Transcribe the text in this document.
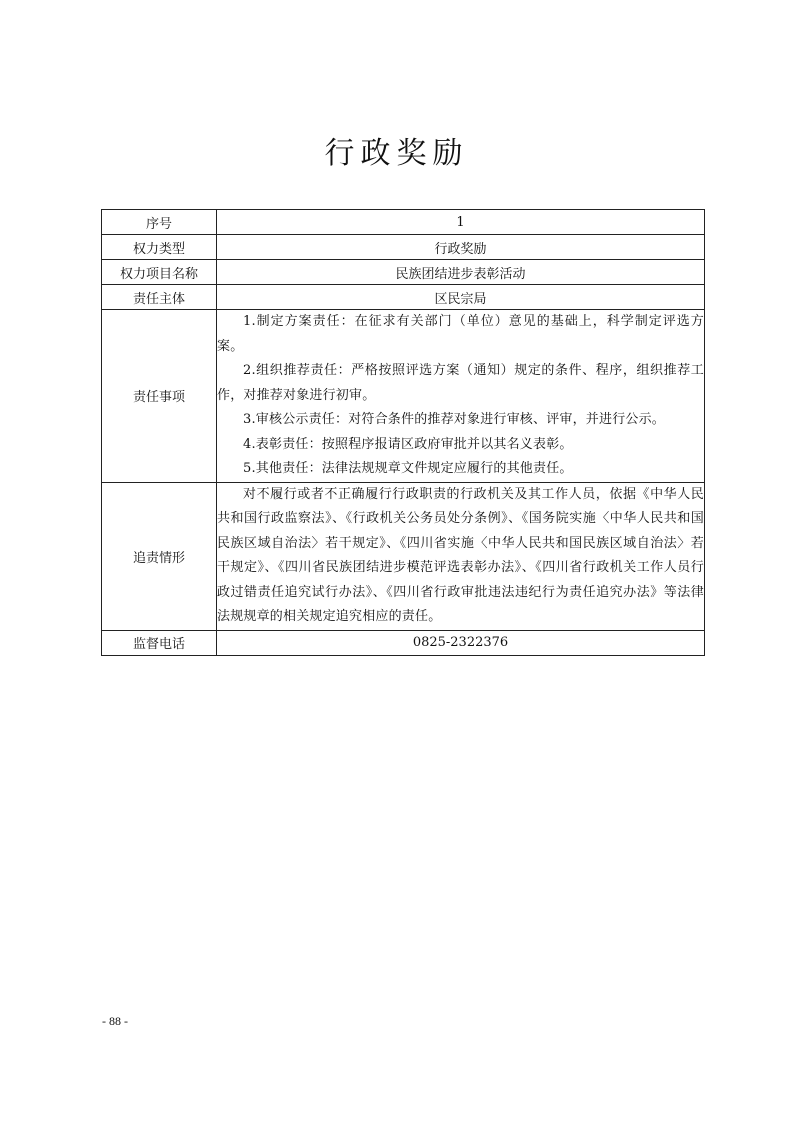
行政奖励
序号	1
权力类型	行政奖励
权力项目名称	民族团结进步表彰活动
责任主体	区民宗局
责任事项	1.制定方案责任：在征求有关部门（单位）意见的基础上，科学制定评选方案。

2.组织推荐责任：严格按照评选方案（通知）规定的条件、程序，组织推荐工作，对推荐对象进行初审。

3.审核公示责任：对符合条件的推荐对象进行审核、评审，并进行公示。

4.表彰责任：按照程序报请区政府审批并以其名义表彰。

5.其他责任：法律法规规章文件规定应履行的其他责任。

追责情形	对不履行或者不正确履行行政职责的行政机关及其工作人员，依据《中华人民共和国行政监察法》、《行政机关公务员处分条例》、《国务院实施〈中华人民共和国民族区域自治法〉若干规定》、《四川省实施〈中华人民共和国民族区域自治法〉若干规定》、《四川省民族团结进步模范评选表彰办法》、《四川省行政机关工作人员行政过错责任追究试行办法》、《四川省行政审批违法违纪行为责任追究办法》等法律法规规章的相关规定追究相应的责任。

监督电话	0825-2322376
- 88 -
